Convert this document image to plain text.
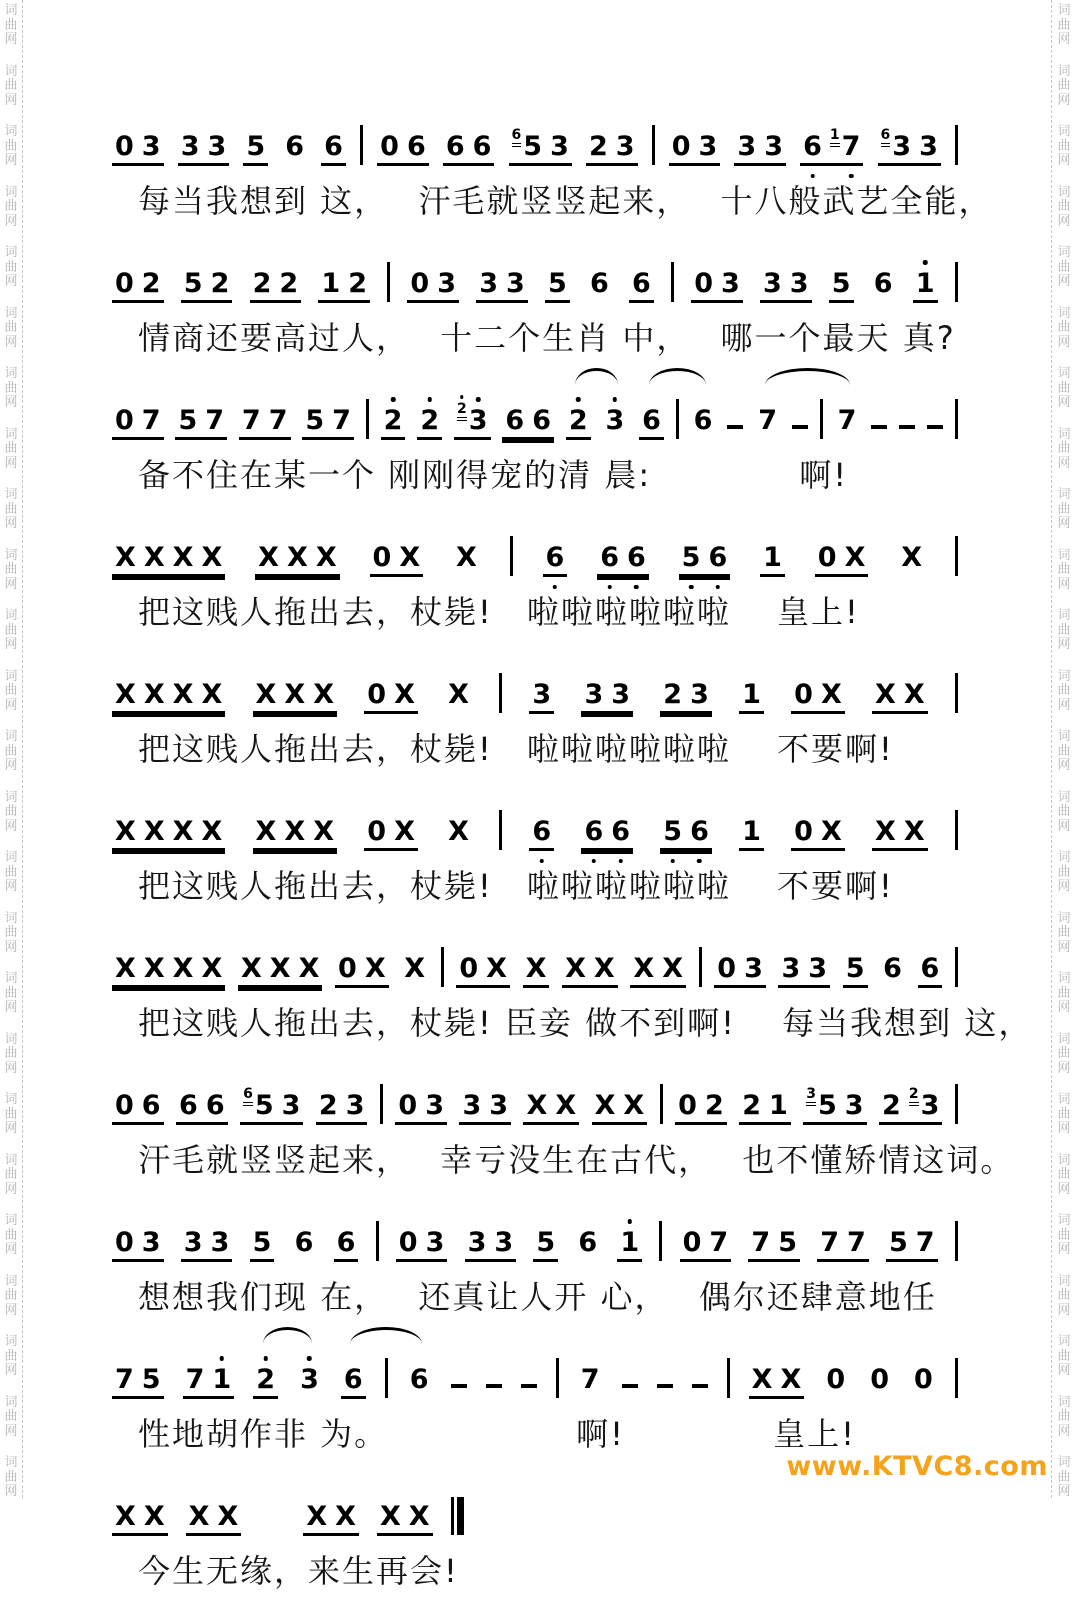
词
曲
网
词
曲
网
词
曲
网
词
曲
网
词
曲
网
词
曲
网
词
曲
网
词
曲
网
词
曲
网
词
曲
网
词
曲
网
词
曲
网
词
曲
网
词
曲
网
词
曲
网
词
曲
网
词
曲
网
词
曲
网
词
曲
网
词
曲
网
词
曲
网
词
曲
网
词
曲
网
词
曲
网
词
曲
网
词
曲
网
词
曲
网
词
曲
网
词
曲
网
词
曲
网
词
曲
网
词
曲
网
词
曲
网
词
曲
网
词
曲
网
词
曲
网
词
曲
网
词
曲
网
词
曲
网
词
曲
网
词
曲
网
词
曲
网
词
曲
网
词
曲
网
词
曲
网
词
曲
网
词
曲
网
词
曲
网
词
曲
网
词
曲
网
0 3 3 3 5 6 6 0 6 6 6 6 5 3 2 3 0 3 3 3 6 1 7 6 3 3
每当我想到 这，　 汗毛就竖竖起来，　 十八般武艺全能，
0 2 5 2 2 2 1 2 0 3 3 3 5 6 6 0 3 3 3 5 6 1
情商还要高过人，　 十二个生肖 中，　 哪一个最天 真?
0 7 5 7 7 7 5 7 2 2 2 3 6 6 2 3 6 6 7 7
备不住在某一个 刚刚得宠的清 晨:　　　　 啊!
X X X X X X X 0 X X	6 6 6 5 6 1 0 X X
把这贱人拖出去，杖毙!　啦啦啦啦啦啦　 皇上!
X X X X X X X 0 X X 3 3 3 2 3 1 0 X X X
把这贱人拖出去，杖毙!　啦啦啦啦啦啦　 不要啊!
X X X X X X X 0 X X 6 6 6 5 6 1 0 X X X
把这贱人拖出去，杖毙!　啦啦啦啦啦啦　 不要啊!
X X X X X X X 0 X X 0 X X X X X X 0 3 3 3 5 6 6
把这贱人拖出去，杖毙! 臣妾 做不到啊!　 每当我想到 这，
0 6 6 6 6 5 3 2 3 0 3 3 3 X X X X 0 2 2 1 3 5 3 2 2 3
汗毛就竖竖起来，　 幸亏没生在古代，　 也不懂矫情这词。
0 3 3 3 5 6 6 0 3 3 3 5 6 1 0 7 7 5 7 7 5 7
想想我们现 在，　 还真让人开 心，　 偶尔还肆意地任
7 5 7 1 2 3 6 6	7	X X 0 0 0
性地胡作非 为。　　　　　　啊!　　　　 皇上!
X X X X	X X X X
今生无缘，来生再会!
www.KTVC8.com
